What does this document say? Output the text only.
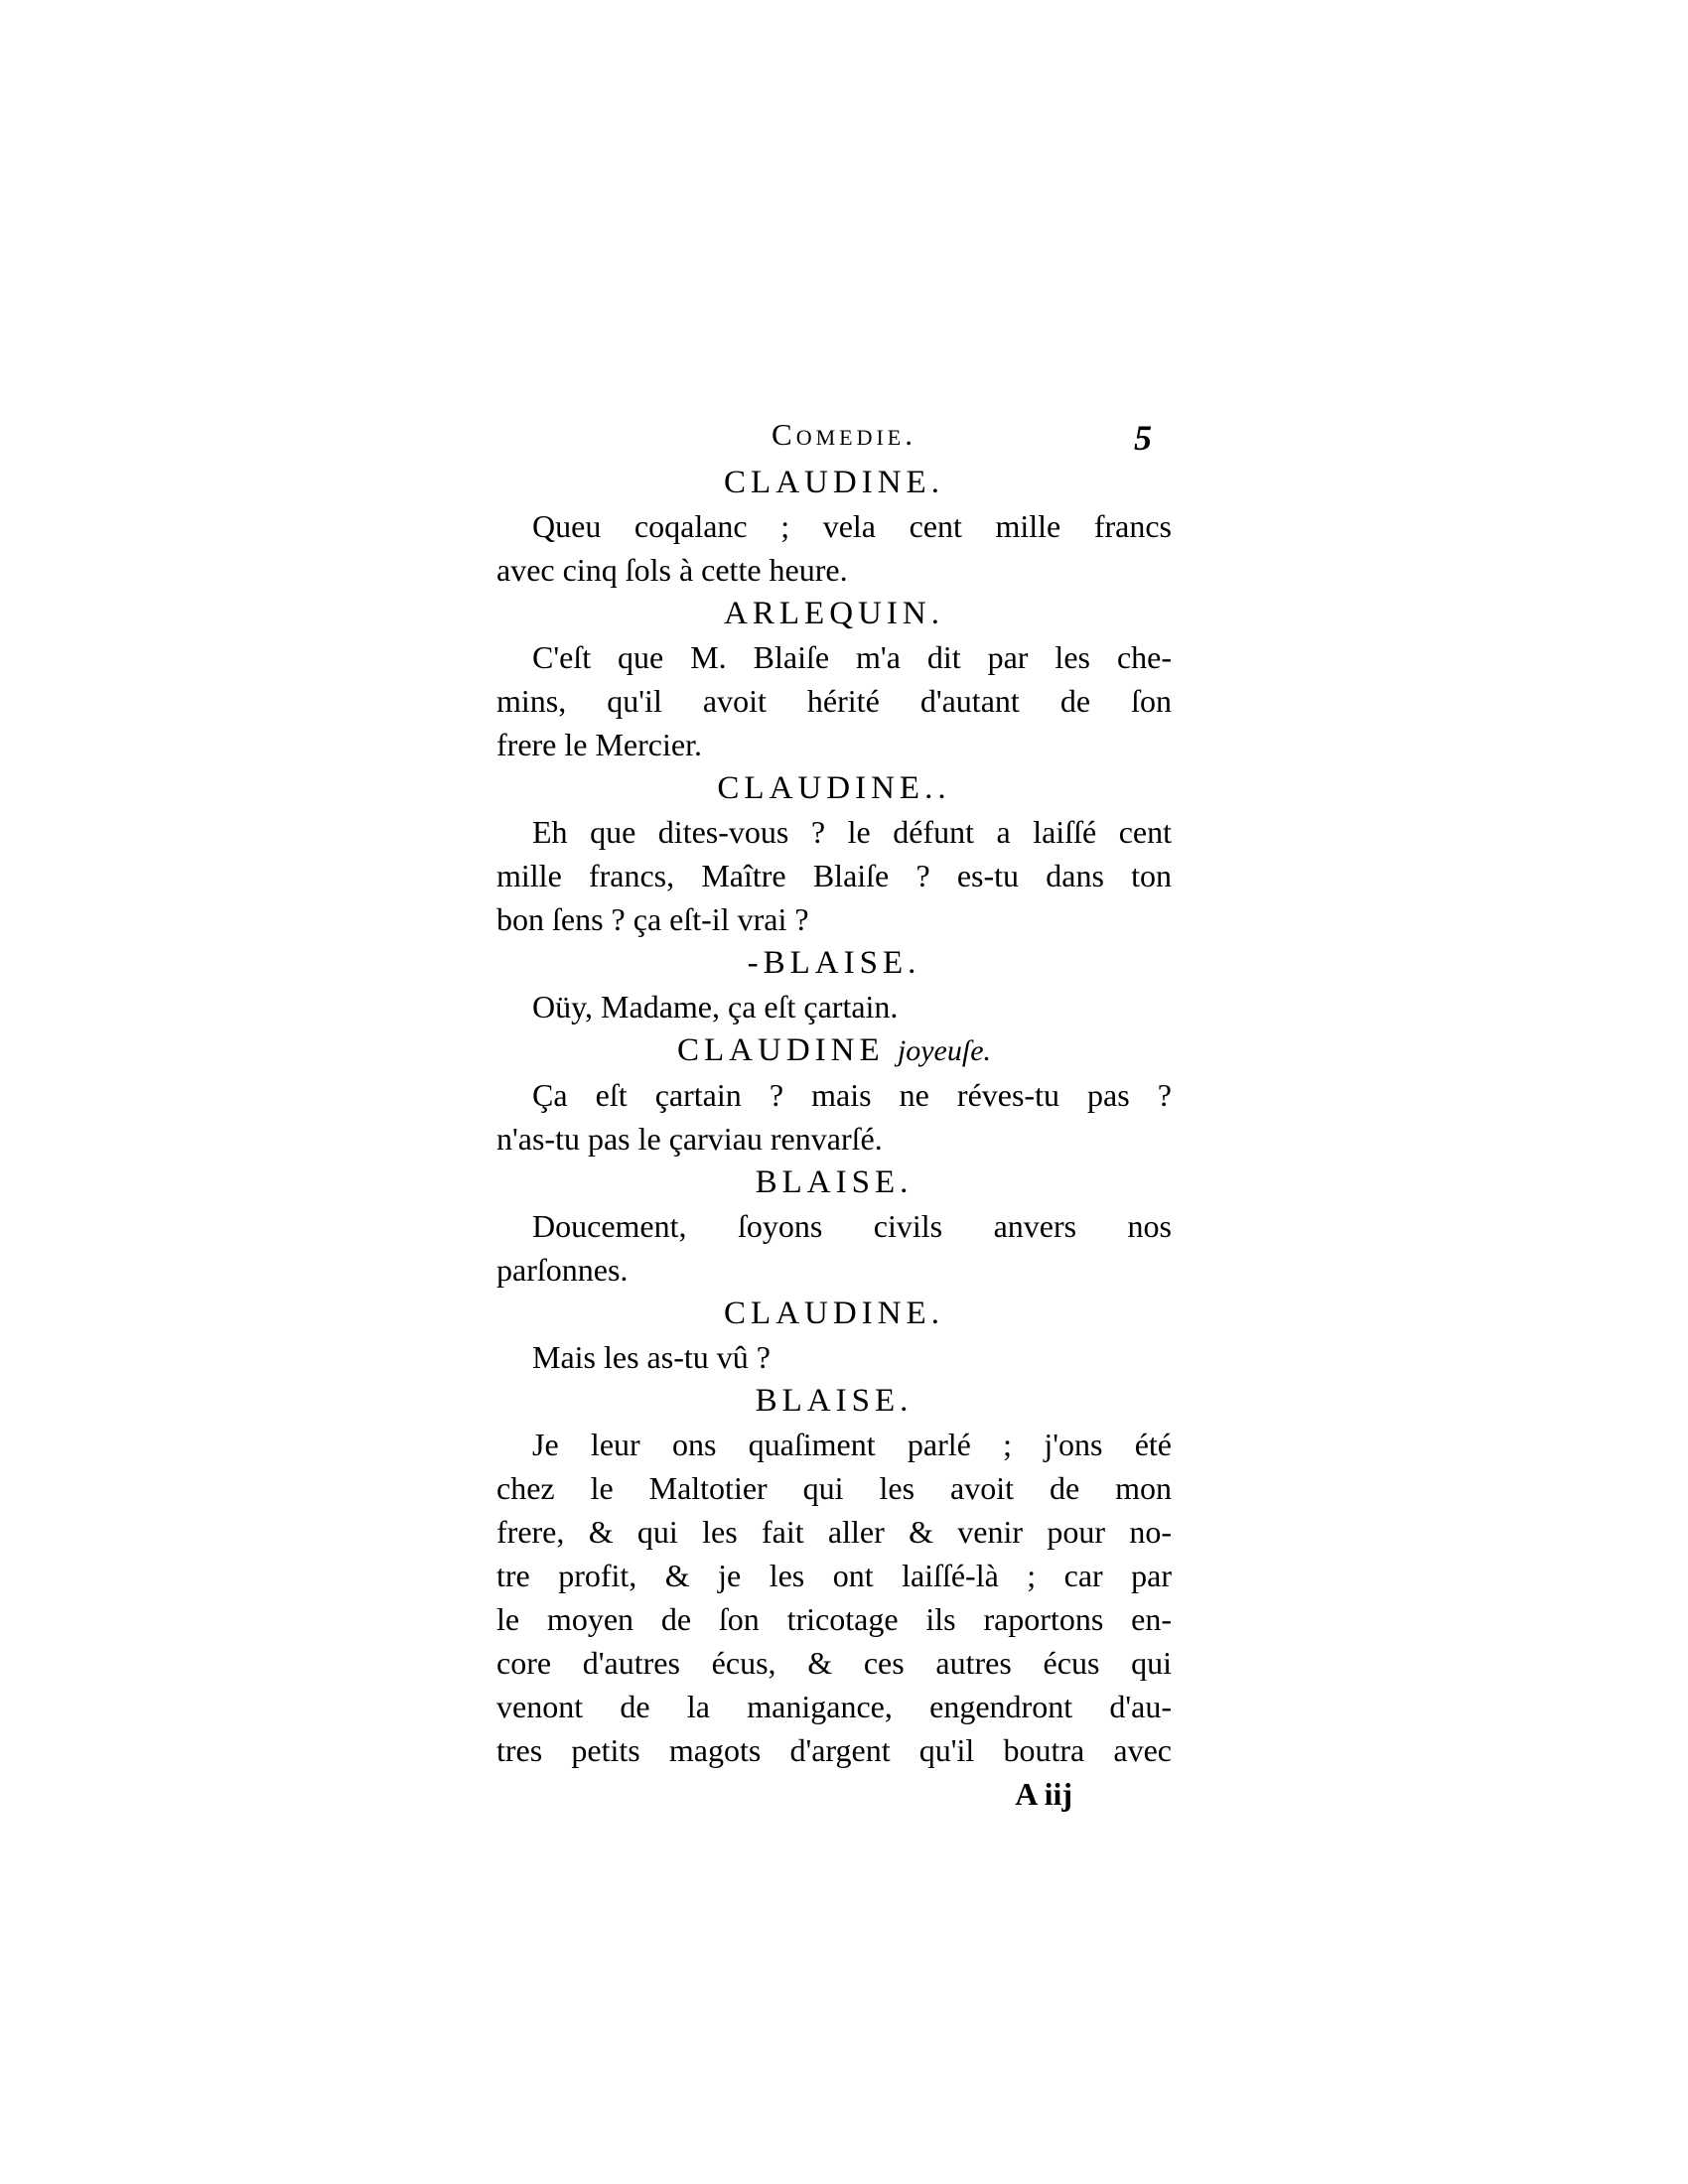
Comedie.	5

CLAUDINE.

Queu coqalanc ; vela cent mille francs
avec cinq ſols à cette heure.

ARLEQUIN.

C'eſt que M. Blaiſe m'a dit par les che-
mins, qu'il avoit hérité d'autant de ſon
frere le Mercier.

CLAUDINE..

Eh que dites-vous ? le défunt a laiſſé cent
mille francs, Maître Blaiſe ? es-tu dans ton
bon ſens ? ça eſt-il vrai ?

-BLAISE.

Oüy, Madame, ça eſt çartain.

CLAUDINE joyeuſe.

Ça eſt çartain ? mais ne réves-tu pas ?
n'as-tu pas le çarviau renvarſé.

BLAISE.

Doucement, ſoyons civils anvers nos
parſonnes.

CLAUDINE.

Mais les as-tu vû ?

BLAISE.

Je leur ons quaſiment parlé ; j'ons été
chez le Maltotier qui les avoit de mon
frere, & qui les fait aller & venir pour no-
tre profit, & je les ont laiſſé-là ; car par
le moyen de ſon tricotage ils raportons en-
core d'autres écus, & ces autres écus qui
venont de la manigance, engendront d'au-
tres petits magots d'argent qu'il boutra avec

A iij
